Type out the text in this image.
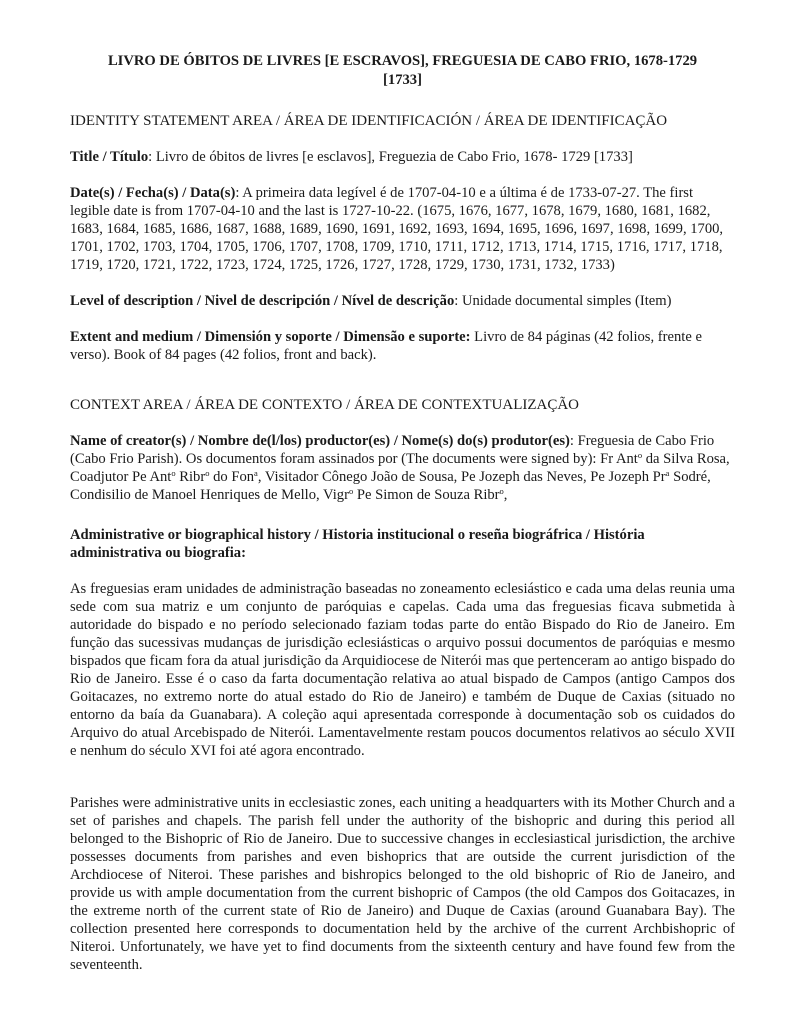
LIVRO DE ÓBITOS DE LIVRES [E ESCRAVOS], FREGUESIA DE CABO FRIO, 1678-1729
[1733]
IDENTITY STATEMENT AREA / ÁREA DE IDENTIFICACIÓN / ÁREA DE IDENTIFICAÇÃO
Title / Título: Livro de óbitos de livres [e esclavos], Freguezia de Cabo Frio, 1678- 1729 [1733]
Date(s) / Fecha(s) / Data(s): A primeira data legível é de 1707-04-10 e a última é de 1733-07-27. The first legible date is from 1707-04-10 and the last is 1727-10-22. (1675, 1676, 1677, 1678, 1679, 1680, 1681, 1682, 1683, 1684, 1685, 1686, 1687, 1688, 1689, 1690, 1691, 1692, 1693, 1694, 1695, 1696, 1697, 1698, 1699, 1700, 1701, 1702, 1703, 1704, 1705, 1706, 1707, 1708, 1709, 1710, 1711, 1712, 1713, 1714, 1715, 1716, 1717, 1718, 1719, 1720, 1721, 1722, 1723, 1724, 1725, 1726, 1727, 1728, 1729, 1730, 1731, 1732, 1733)
Level of description / Nivel de descripción / Nível de descrição: Unidade documental simples (Item)
Extent and medium / Dimensión y soporte / Dimensão e suporte: Livro de 84 páginas (42 folios, frente e verso). Book of 84 pages (42 folios, front and back).
CONTEXT AREA / ÁREA DE CONTEXTO / ÁREA DE CONTEXTUALIZAÇÃO
Name of creator(s) / Nombre de(l/los) productor(es) / Nome(s) do(s) produtor(es): Freguesia de Cabo Frio (Cabo Frio Parish). Os documentos foram assinados por (The documents were signed by): Fr Ant$^o$ da Silva Rosa, Coadjutor Pe Ant$^o$ Ribr$^o$ do Fon$^a$, Visitador Cônego João de Sousa, Pe Jozeph das Neves, Pe Jozeph Pr$^a$ Sodré, Condisilio de Manoel Henriques de Mello, Vigr$^o$ Pe Simon de Souza Ribr$^o$,
Administrative or biographical history / Historia institucional o reseña biográfrica / História administrativa ou biografia:
As freguesias eram unidades de administração baseadas no zoneamento eclesiástico e cada uma delas reunia uma sede com sua matriz e um conjunto de paróquias e capelas. Cada uma das freguesias ficava submetida à autoridade do bispado e no período selecionado faziam todas parte do então Bispado do Rio de Janeiro. Em função das sucessivas mudanças de jurisdição eclesiásticas o arquivo possui documentos de paróquias e mesmo bispados que ficam fora da atual jurisdição da Arquidiocese de Niterói mas que pertenceram ao antigo bispado do Rio de Janeiro. Esse é o caso da farta documentação relativa ao atual bispado de Campos (antigo Campos dos Goitacazes, no extremo norte do atual estado do Rio de Janeiro) e também de Duque de Caxias (situado no entorno da baía da Guanabara). A coleção aqui apresentada corresponde à documentação sob os cuidados do Arquivo do atual Arcebispado de Niterói. Lamentavelmente restam poucos documentos relativos ao século XVII e nenhum do século XVI foi até agora encontrado.
Parishes were administrative units in ecclesiastic zones, each uniting a headquarters with its Mother Church and a set of parishes and chapels. The parish fell under the authority of the bishopric and during this period all belonged to the Bishopric of Rio de Janeiro. Due to successive changes in ecclesiastical jurisdiction, the archive possesses documents from parishes and even bishoprics that are outside the current jurisdiction of the Archdiocese of Niteroi. These parishes and bishropics belonged to the old bishopric of Rio de Janeiro, and provide us with ample documentation from the current bishopric of Campos (the old Campos dos Goitacazes, in the extreme north of the current state of Rio de Janeiro) and Duque de Caxias (around Guanabara Bay). The collection presented here corresponds to documentation held by the archive of the current Archbishopric of Niteroi. Unfortunately, we have yet to find documents from the sixteenth century and have found few from the seventeenth.
